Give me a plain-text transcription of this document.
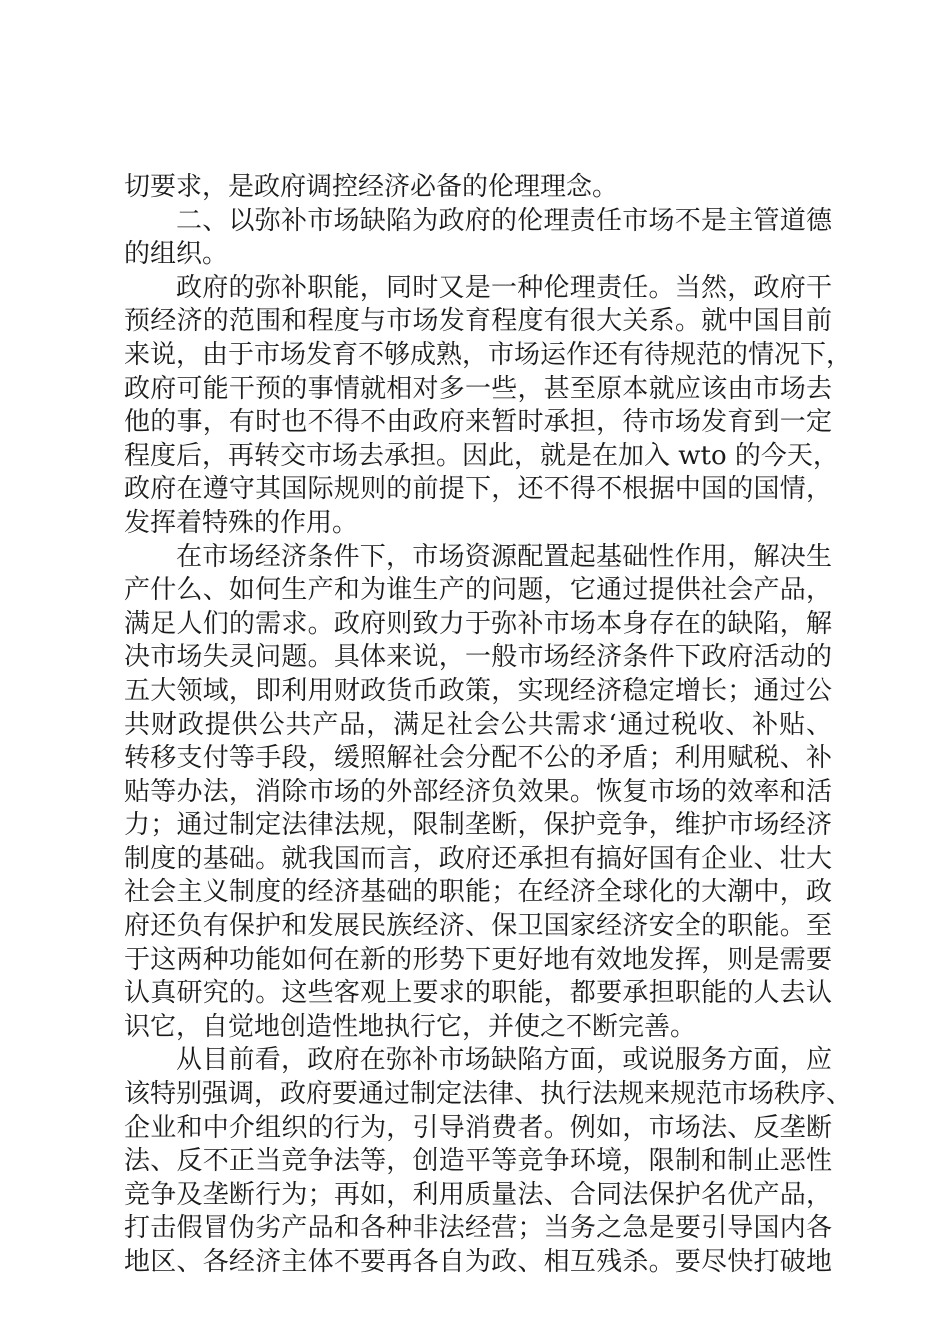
切要求，是政府调控经济必备的伦理理念。
二、以弥补市场缺陷为政府的伦理责任市场不是主管道德
的组织。
政府的弥补职能，同时又是一种伦理责任。当然，政府干
预经济的范围和程度与市场发育程度有很大关系。就中国目前
来说，由于市场发育不够成熟，市场运作还有待规范的情况下，
政府可能干预的事情就相对多一些，甚至原本就应该由市场去
他的事，有时也不得不由政府来暂时承担，待市场发育到一定
程度后，再转交市场去承担。因此，就是在加入 wto 的今天，
政府在遵守其国际规则的前提下，还不得不根据中国的国情，
发挥着特殊的作用。
在市场经济条件下，市场资源配置起基础性作用，解决生
产什么、如何生产和为谁生产的问题，它通过提供社会产品，
满足人们的需求。政府则致力于弥补市场本身存在的缺陷，解
决市场失灵问题。具体来说，一般市场经济条件下政府活动的
五大领域，即利用财政货币政策，实现经济稳定增长；通过公
共财政提供公共产品，满足社会公共需求‘通过税收、补贴、
转移支付等手段，缓照解社会分配不公的矛盾；利用赋税、补
贴等办法，消除市场的外部经济负效果。恢复市场的效率和活
力；通过制定法律法规，限制垄断，保护竞争，维护市场经济
制度的基础。就我国而言，政府还承担有搞好国有企业、壮大
社会主义制度的经济基础的职能；在经济全球化的大潮中，政
府还负有保护和发展民族经济、保卫国家经济安全的职能。至
于这两种功能如何在新的形势下更好地有效地发挥，则是需要
认真研究的。这些客观上要求的职能，都要承担职能的人去认
识它，自觉地创造性地执行它，并使之不断完善。
从目前看，政府在弥补市场缺陷方面，或说服务方面，应
该特别强调，政府要通过制定法律、执行法规来规范市场秩序、
企业和中介组织的行为，引导消费者。例如，市场法、反垄断
法、反不正当竞争法等，创造平等竞争环境，限制和制止恶性
竞争及垄断行为；再如，利用质量法、合同法保护名优产品，
打击假冒伪劣产品和各种非法经营；当务之急是要引导国内各
地区、各经济主体不要再各自为政、相互残杀。要尽快打破地
